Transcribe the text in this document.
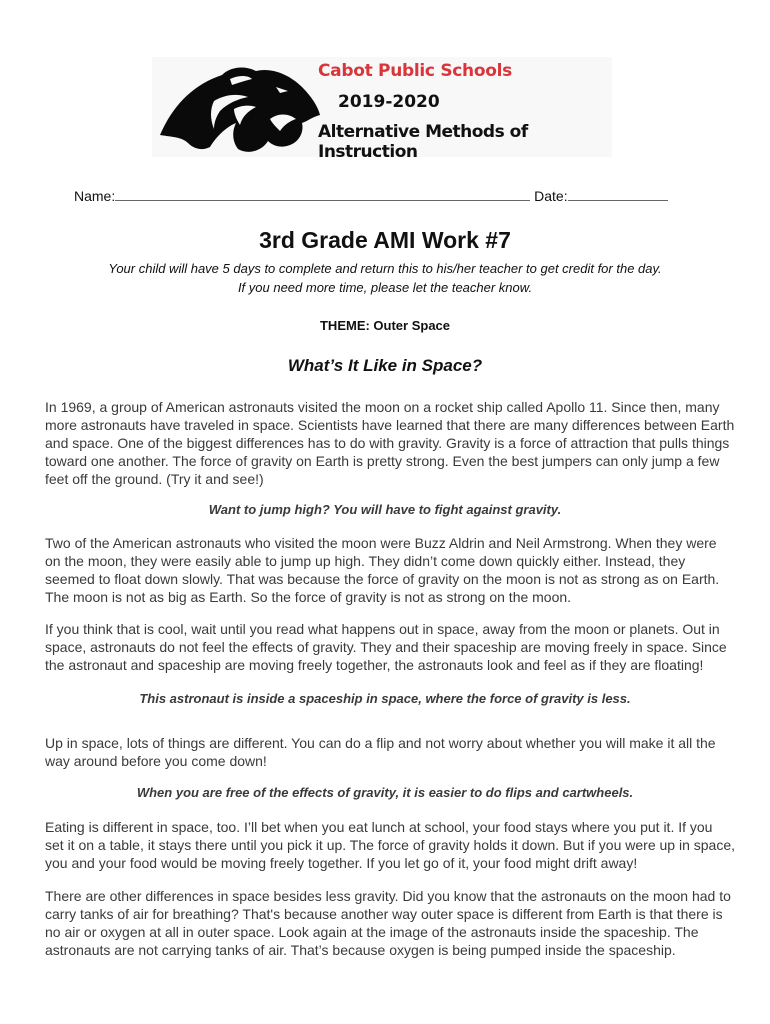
Cabot Public Schools
2019-2020
Alternative Methods of Instruction
Name:	Date:
3rd Grade AMI Work #7
Your child will have 5 days to complete and return this to his/her teacher to get credit for the day.
If you need more time, please let the teacher know.
THEME: Outer Space
What’s It Like in Space?

In 1969, a group of American astronauts visited the moon on a rocket ship called Apollo 11. Since then, many more astronauts have traveled in space. Scientists have learned that there are many differences between Earth and space. One of the biggest differences has to do with gravity. Gravity is a force of attraction that pulls things toward one another. The force of gravity on Earth is pretty strong. Even the best jumpers can only jump a few feet off the ground. (Try it and see!)

Want to jump high? You will have to fight against gravity.

Two of the American astronauts who visited the moon were Buzz Aldrin and Neil Armstrong. When they were on the moon, they were easily able to jump up high. They didn’t come down quickly either. Instead, they seemed to float down slowly. That was because the force of gravity on the moon is not as strong as on Earth. The moon is not as big as Earth. So the force of gravity is not as strong on the moon.

If you think that is cool, wait until you read what happens out in space, away from the moon or planets. Out in space, astronauts do not feel the effects of gravity. They and their spaceship are moving freely in space. Since the astronaut and spaceship are moving freely together, the astronauts look and feel as if they are floating!

This astronaut is inside a spaceship in space, where the force of gravity is less.

Up in space, lots of things are different. You can do a flip and not worry about whether you will make it all the way around before you come down!

When you are free of the effects of gravity, it is easier to do flips and cartwheels.

Eating is different in space, too. I’ll bet when you eat lunch at school, your food stays where you put it. If you set it on a table, it stays there until you pick it up. The force of gravity holds it down. But if you were up in space, you and your food would be moving freely together. If you let go of it, your food might drift away!

There are other differences in space besides less gravity. Did you know that the astronauts on the moon had to carry tanks of air for breathing? That's because another way outer space is different from Earth is that there is no air or oxygen at all in outer space. Look again at the image of the astronauts inside the spaceship. The astronauts are not carrying tanks of air. That’s because oxygen is being pumped inside the spaceship.
